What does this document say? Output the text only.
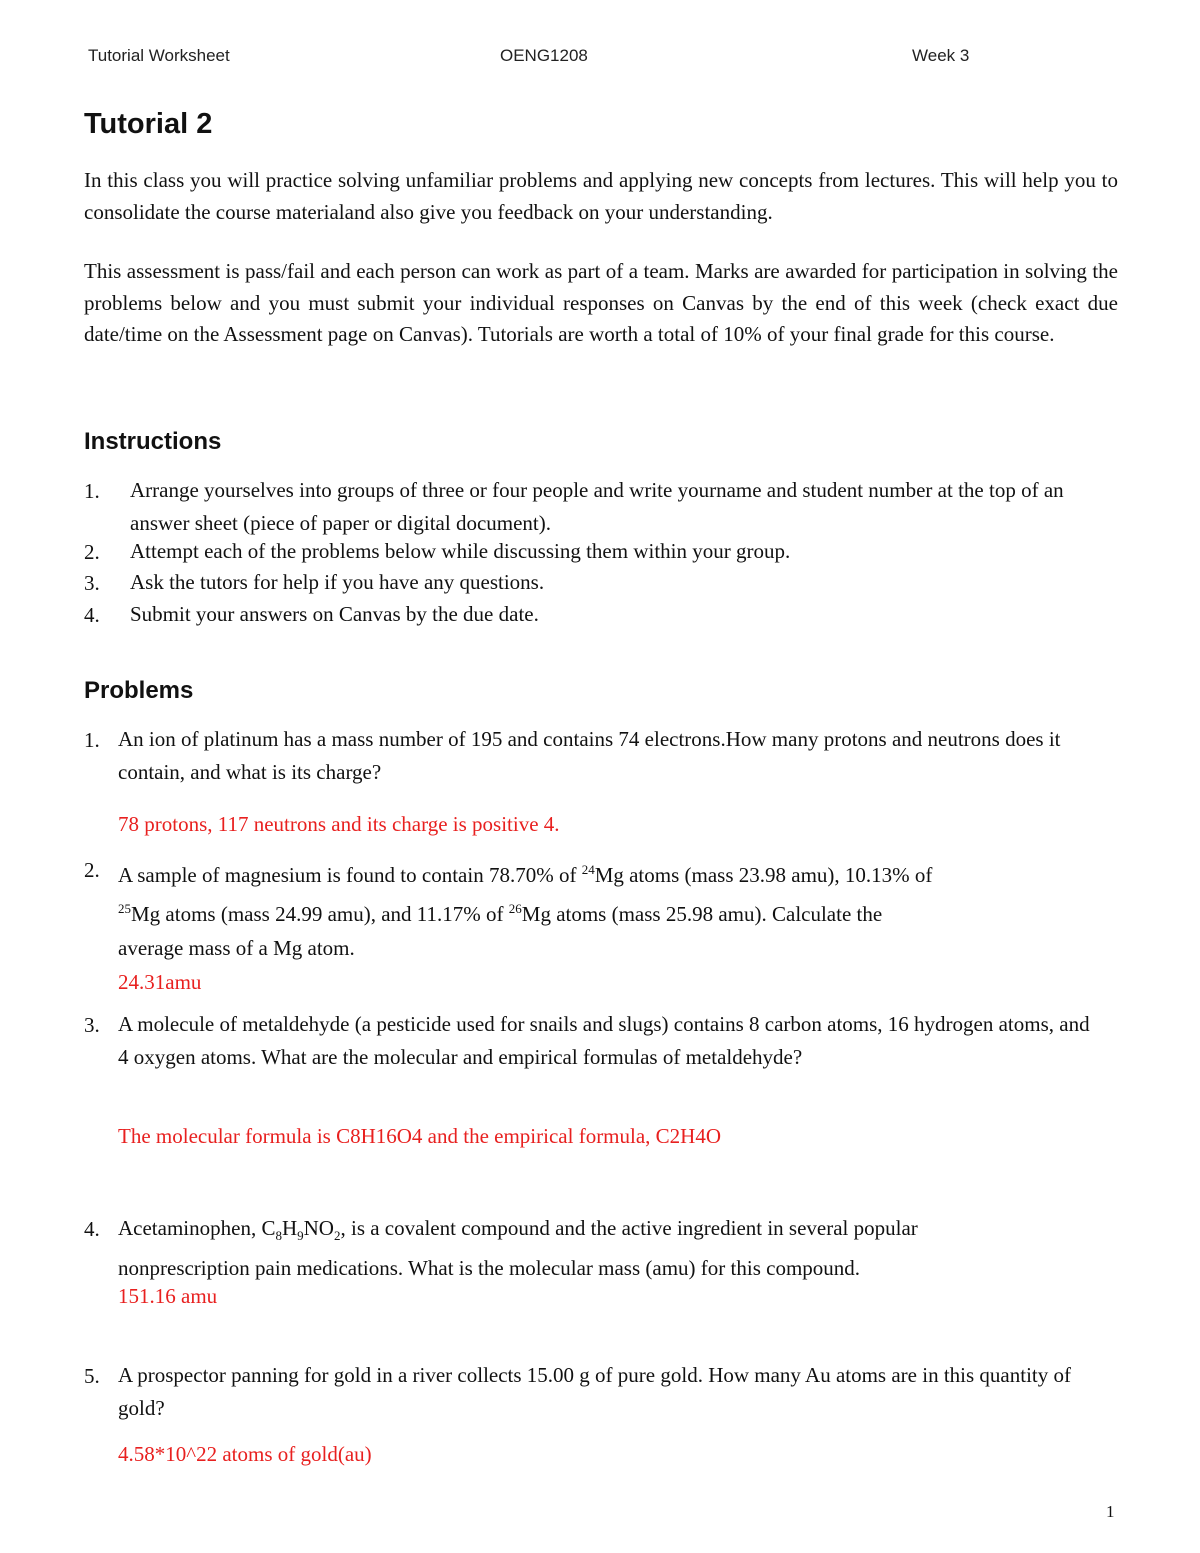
Tutorial Worksheet	OENG1208	Week 3
Tutorial 2

In this class you will practice solving unfamiliar problems and applying new concepts from lectures. This will help you to consolidate the course materialand also give you feedback on your understanding.

This assessment is pass/fail and each person can work as part of a team. Marks are awarded for participation in solving the problems below and you must submit your individual responses on Canvas by the end of this week (check exact due date/time on the Assessment page on Canvas). Tutorials are worth a total of 10% of your final grade for this course.

Instructions
1. Arrange yourselves into groups of three or four people and write yourname and student number at the top of an answer sheet (piece of paper or digital document).
2. Attempt each of the problems below while discussing them within your group.
3. Ask the tutors for help if you have any questions.
4. Submit your answers on Canvas by the due date.
Problems
1. An ion of platinum has a mass number of 195 and contains 74 electrons.How many protons and neutrons does it contain, and what is its charge?
78 protons, 117 neutrons and its charge is positive 4.
2. A sample of magnesium is found to contain 78.70% of $^{24}$Mg atoms (mass 23.98 amu), 10.13% of
$^{25}$Mg atoms (mass 24.99 amu), and 11.17% of $^{26}$Mg atoms (mass 25.98 amu). Calculate the
average mass of a Mg atom.
24.31amu
3. A molecule of metaldehyde (a pesticide used for snails and slugs) contains 8 carbon atoms, 16 hydrogen atoms, and 4 oxygen atoms. What are the molecular and empirical formulas of metaldehyde?
The molecular formula is C8H16O4 and the empirical formula, C2H4O
4. Acetaminophen, $C_8H_9NO_2$, is a covalent compound and the active ingredient in several popular
nonprescription pain medications. What is the molecular mass (amu) for this compound.
151.16 amu
5. A prospector panning for gold in a river collects 15.00 g of pure gold. How many Au atoms are in this quantity of gold?
4.58*10^22 atoms of gold(au)
1
